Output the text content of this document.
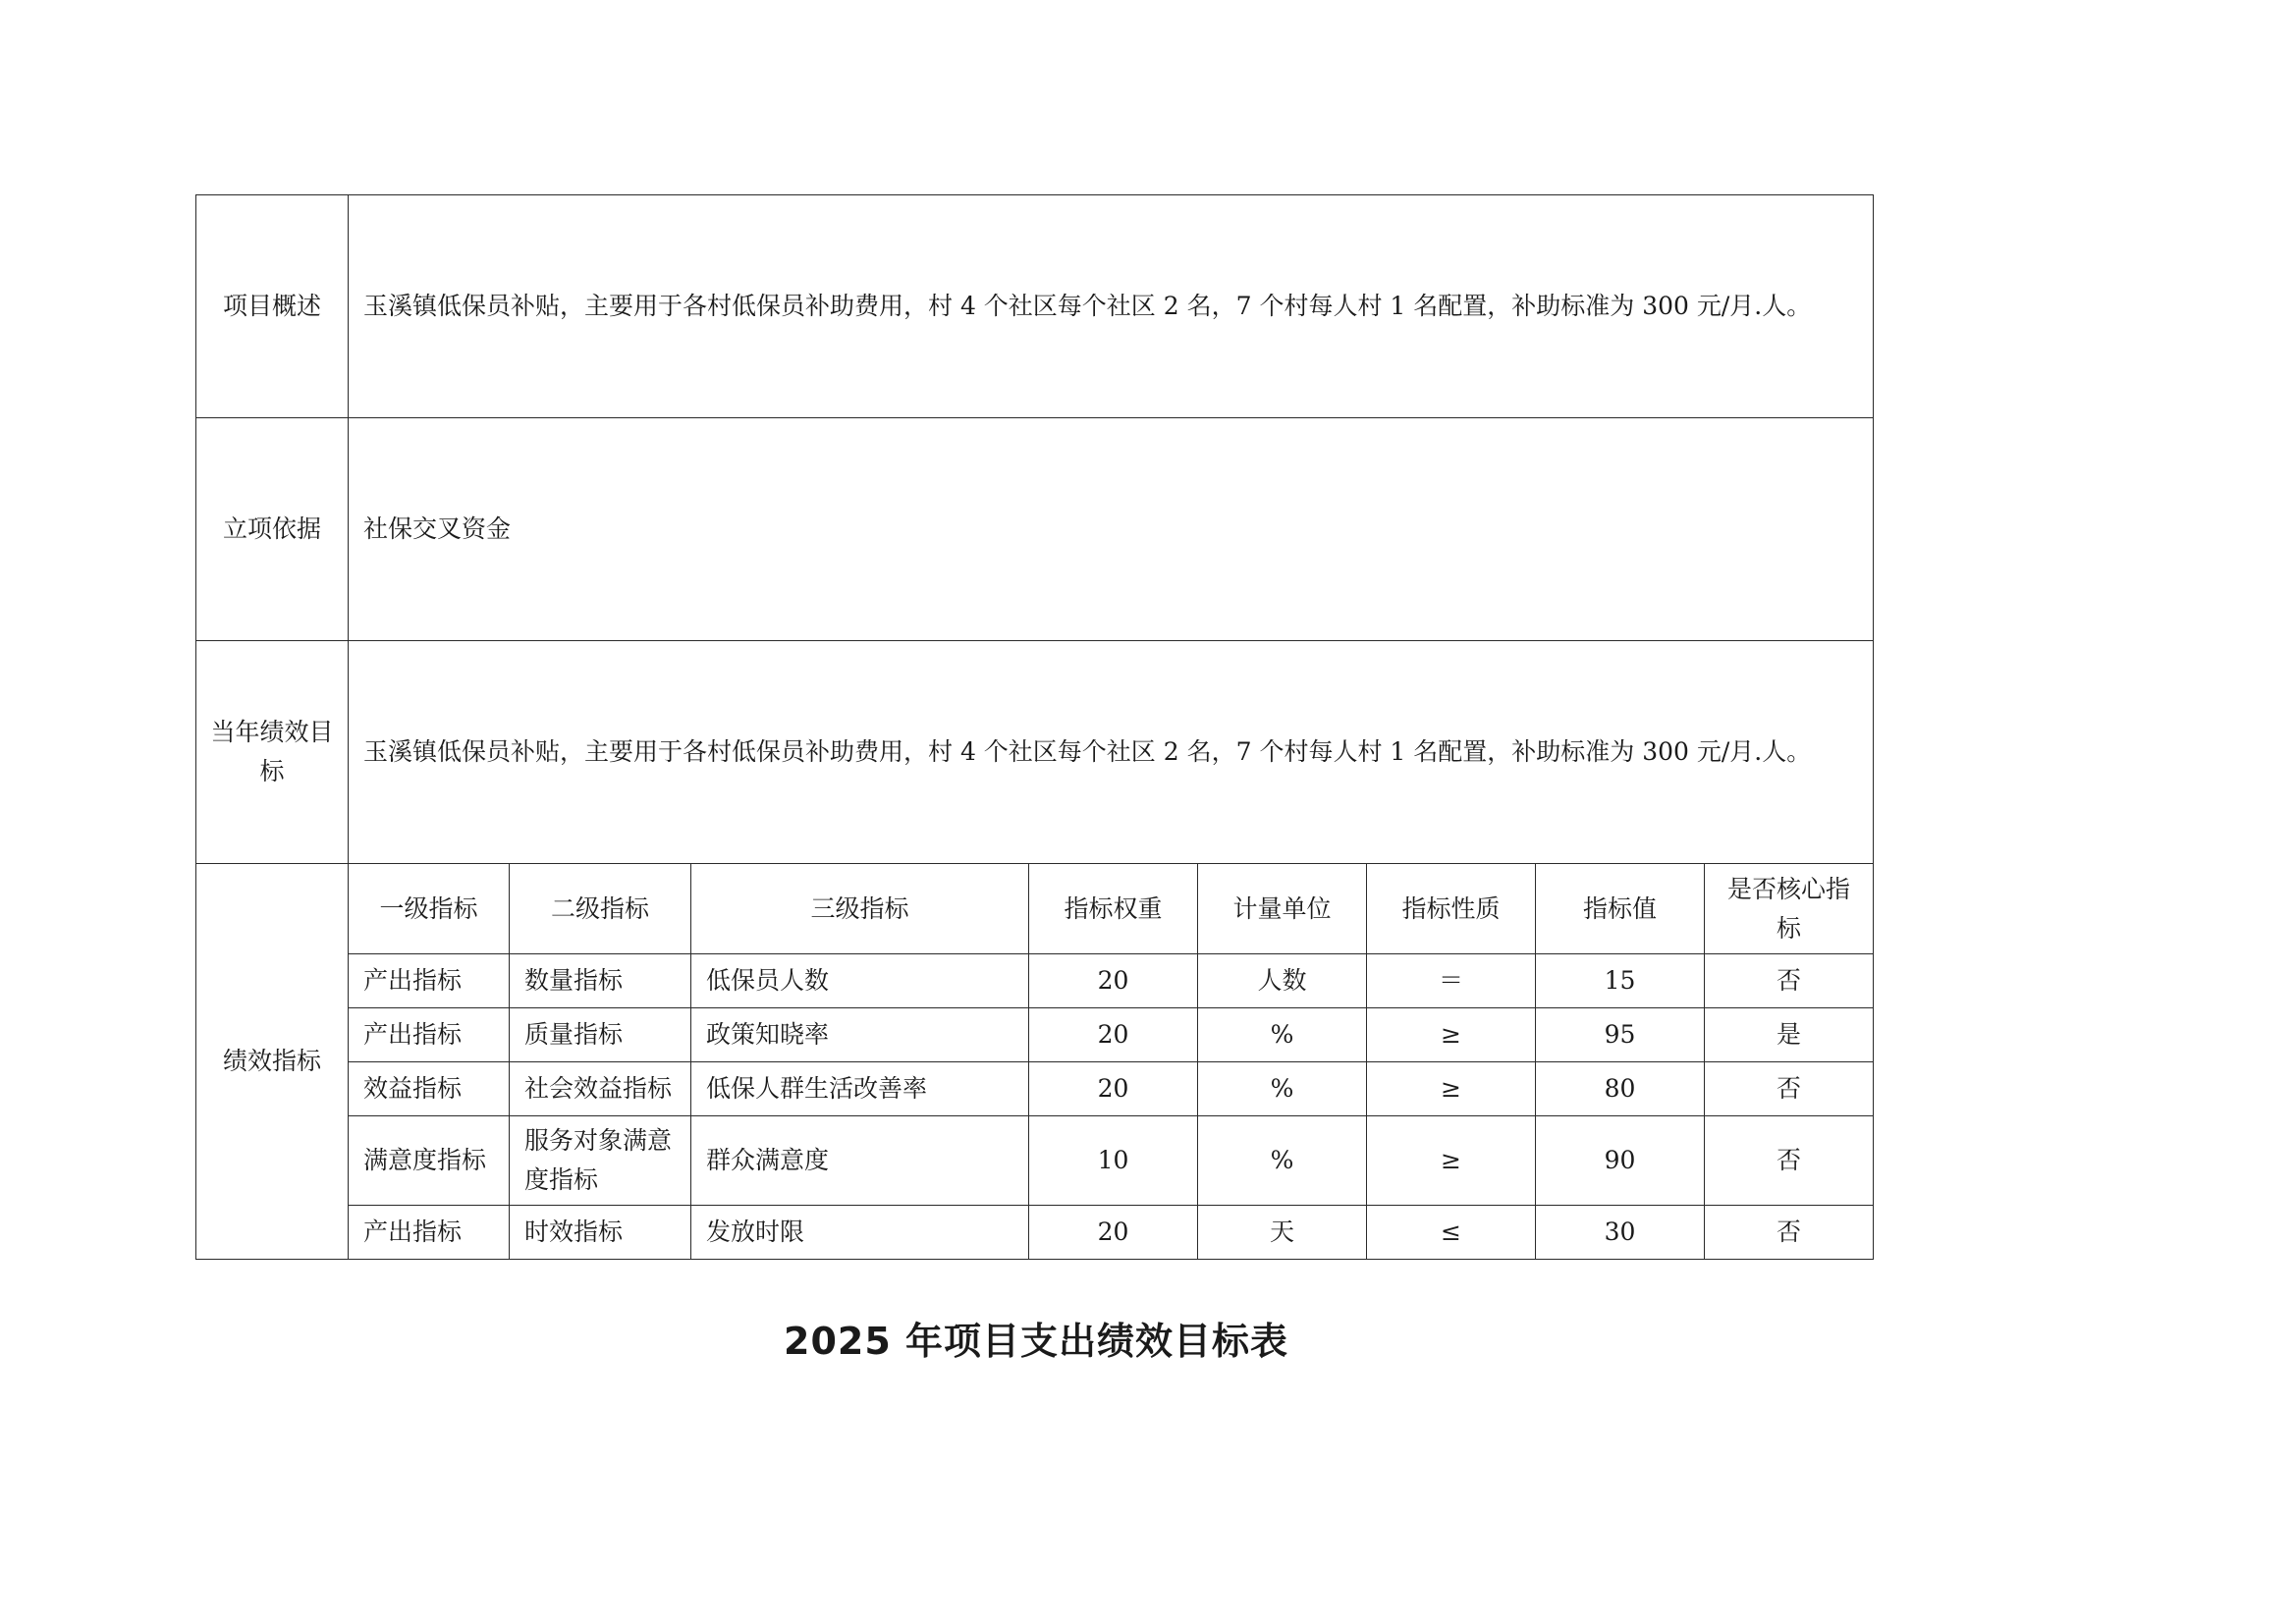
项目概述	玉溪镇低保员补贴，主要用于各村低保员补助费用，村 4 个社区每个社区 2 名，7 个村每人村 1 名配置，补助标准为 300 元/月.人。							
立项依据	社保交叉资金							
当年绩效目标	玉溪镇低保员补贴，主要用于各村低保员补助费用，村 4 个社区每个社区 2 名，7 个村每人村 1 名配置，补助标准为 300 元/月.人。							
绩效指标	一级指标	二级指标	三级指标	指标权重	计量单位	指标性质	指标值	是否核心指标
	产出指标	数量指标	低保员人数	20	人数	＝	15	否
	产出指标	质量指标	政策知晓率	20	%	≥	95	是
	效益指标	社会效益指标	低保人群生活改善率	20	%	≥	80	否
	满意度指标	服务对象满意度指标	群众满意度	10	%	≥	90	否
	产出指标	时效指标	发放时限	20	天	≤	30	否
2025 年项目支出绩效目标表
